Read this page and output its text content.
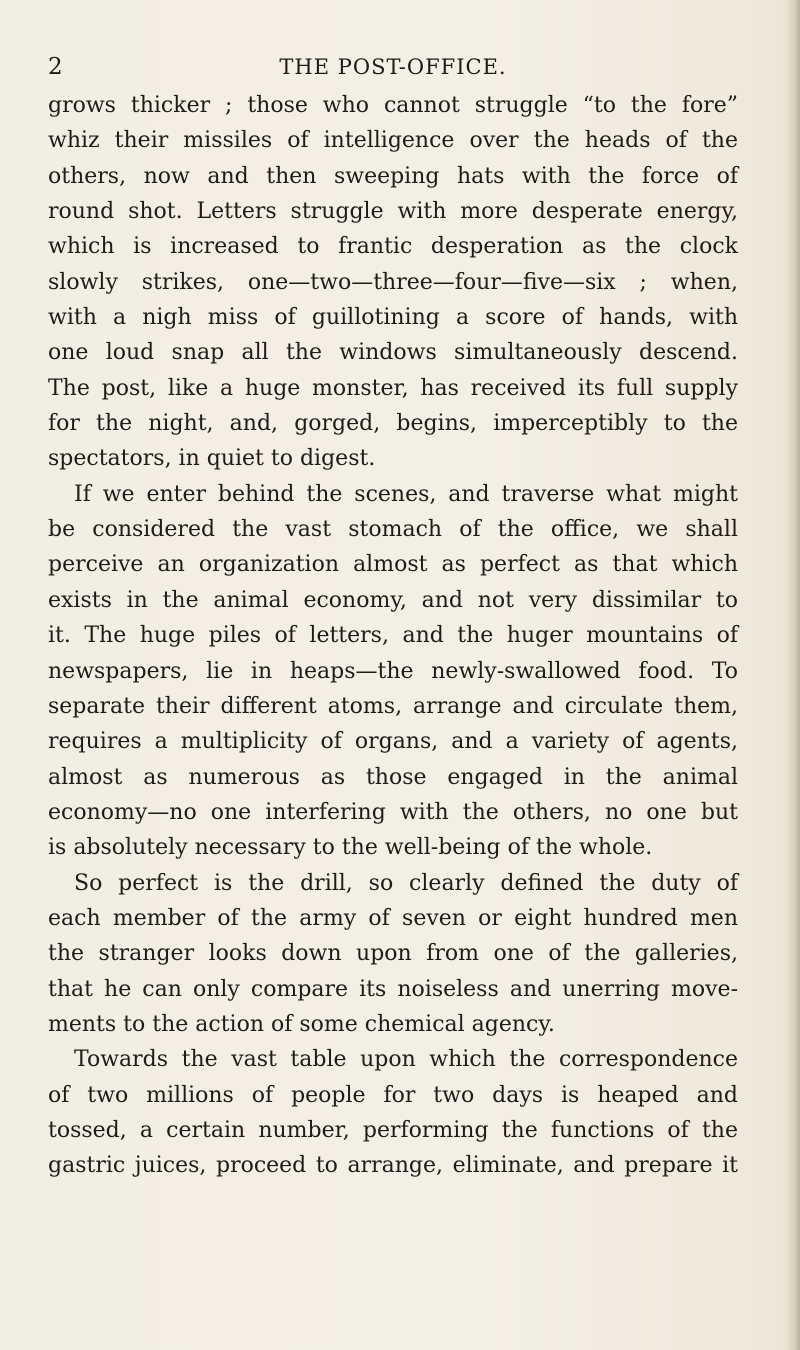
2	THE POST-OFFICE.
grows thicker ; those who cannot struggle “to the fore”
whiz their missiles of intelligence over the heads of the
others, now and then sweeping hats with the force of
round shot. Letters struggle with more desperate energy,
which is increased to frantic desperation as the clock
slowly strikes, one—two—three—four—five—six ; when,
with a nigh miss of guillotining a score of hands, with
one loud snap all the windows simultaneously descend.
The post, like a huge monster, has received its full supply
for the night, and, gorged, begins, imperceptibly to the
spectators, in quiet to digest.
If we enter behind the scenes, and traverse what might
be considered the vast stomach of the office, we shall
perceive an organization almost as perfect as that which
exists in the animal economy, and not very dissimilar to
it. The huge piles of letters, and the huger mountains of
newspapers, lie in heaps—the newly-swallowed food. To
separate their different atoms, arrange and circulate them,
requires a multiplicity of organs, and a variety of agents,
almost as numerous as those engaged in the animal
economy—no one interfering with the others, no one but
is absolutely necessary to the well-being of the whole.
So perfect is the drill, so clearly defined the duty of
each member of the army of seven or eight hundred men
the stranger looks down upon from one of the galleries,
that he can only compare its noiseless and unerring move-
ments to the action of some chemical agency.
Towards the vast table upon which the correspondence
of two millions of people for two days is heaped and
tossed, a certain number, performing the functions of the
gastric juices, proceed to arrange, eliminate, and prepare it
